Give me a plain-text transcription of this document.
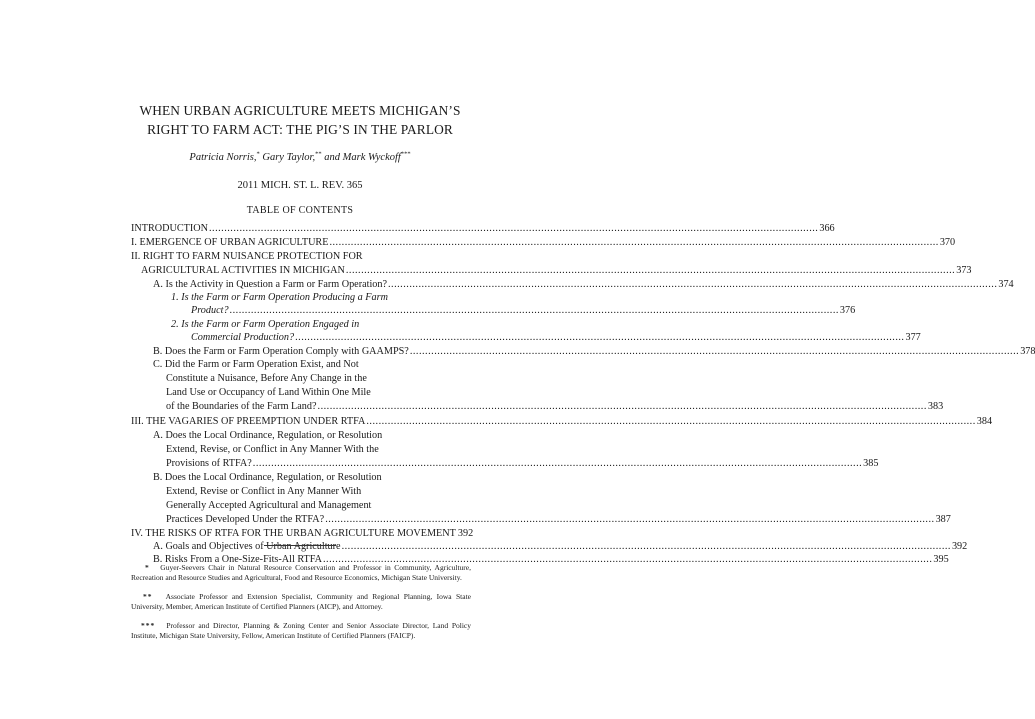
WHEN URBAN AGRICULTURE MEETS MICHIGAN’S
RIGHT TO FARM ACT: THE PIG’S IN THE PARLOR
Patricia Norris,* Gary Taylor,** and Mark Wyckoff***
2011 MICH. ST. L. REV. 365
TABLE OF CONTENTS
INTRODUCTION ........................................................................................................................................................................................................ 366
I. EMERGENCE OF URBAN AGRICULTURE ........................................................................................................................................................................................................ 370
II. RIGHT TO FARM NUISANCE PROTECTION FOR
AGRICULTURAL ACTIVITIES IN MICHIGAN ........................................................................................................................................................................................................ 373
A. Is the Activity in Question a Farm or Farm Operation? ........................................................................................................................................................................................................ 374
1. Is the Farm or Farm Operation Producing a Farm
Product? ........................................................................................................................................................................................................ 376
2. Is the Farm or Farm Operation Engaged in
Commercial Production? ........................................................................................................................................................................................................ 377
B. Does the Farm or Farm Operation Comply with GAAMPS? ........................................................................................................................................................................................................ 378
C. Did the Farm or Farm Operation Exist, and Not
Constitute a Nuisance, Before Any Change in the
Land Use or Occupancy of Land Within One Mile
of the Boundaries of the Farm Land? ........................................................................................................................................................................................................ 383
III. THE VAGARIES OF PREEMPTION UNDER RTFA ........................................................................................................................................................................................................ 384
A. Does the Local Ordinance, Regulation, or Resolution
Extend, Revise, or Conflict in Any Manner With the
Provisions of RTFA? ........................................................................................................................................................................................................ 385
B. Does the Local Ordinance, Regulation, or Resolution
Extend, Revise or Conflict in Any Manner With
Generally Accepted Agricultural and Management
Practices Developed Under the RTFA? ........................................................................................................................................................................................................ 387
IV. THE RISKS OF RTFA FOR THE URBAN AGRICULTURE MOVEMENT 392
A. Goals and Objectives of Urban Agriculture ........................................................................................................................................................................................................ 392
B. Risks From a One-Size-Fits-All RTFA ........................................................................................................................................................................................................ 395
* Guyer-Seevers Chair in Natural Resource Conservation and Professor in Community, Agriculture, Recreation and Resource Studies and Agricultural, Food and Resource Economics, Michigan State University.
** Associate Professor and Extension Specialist, Community and Regional Planning, Iowa State University, Member, American Institute of Certified Planners (AICP), and Attorney.
*** Professor and Director, Planning & Zoning Center and Senior Associate Director, Land Policy Institute, Michigan State University, Fellow, American Institute of Certified Planners (FAICP).
